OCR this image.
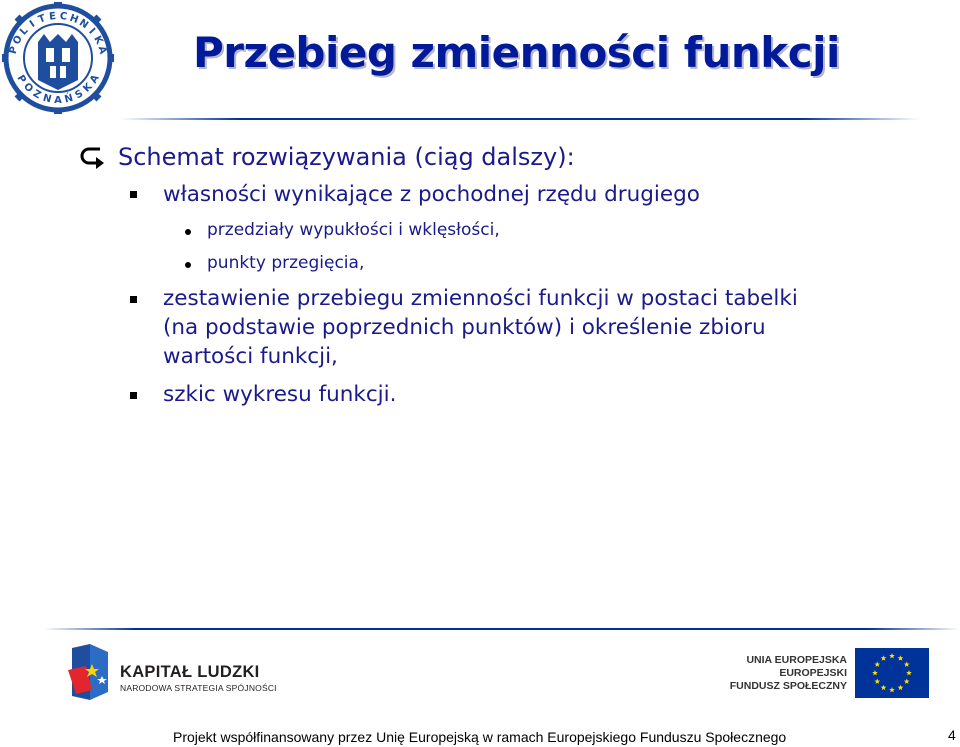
P
O
L
I T E C H
N
I
K
A
P
O
Z
N A Ń
S
K
A
Przebieg zmienności funkcji
Schemat rozwiązywania (ciąg dalszy):
własności wynikające z pochodnej rzędu drugiego
przedziały wypukłości i wklęsłości,
punkty przegięcia,
zestawienie przebiegu zmienności funkcji w postaci tabelki
(na podstawie poprzednich punktów) i określenie zbioru
wartości funkcji,
szkic wykresu funkcji.
KAPITAŁ LUDZKI
NARODOWA STRATEGIA SPÓJNOŚCI
UNIA EUROPEJSKA
EUROPEJSKI
FUNDUSZ SPOŁECZNY
Projekt współfinansowany przez Unię Europejską w ramach Europejskiego Funduszu Społecznego	4
